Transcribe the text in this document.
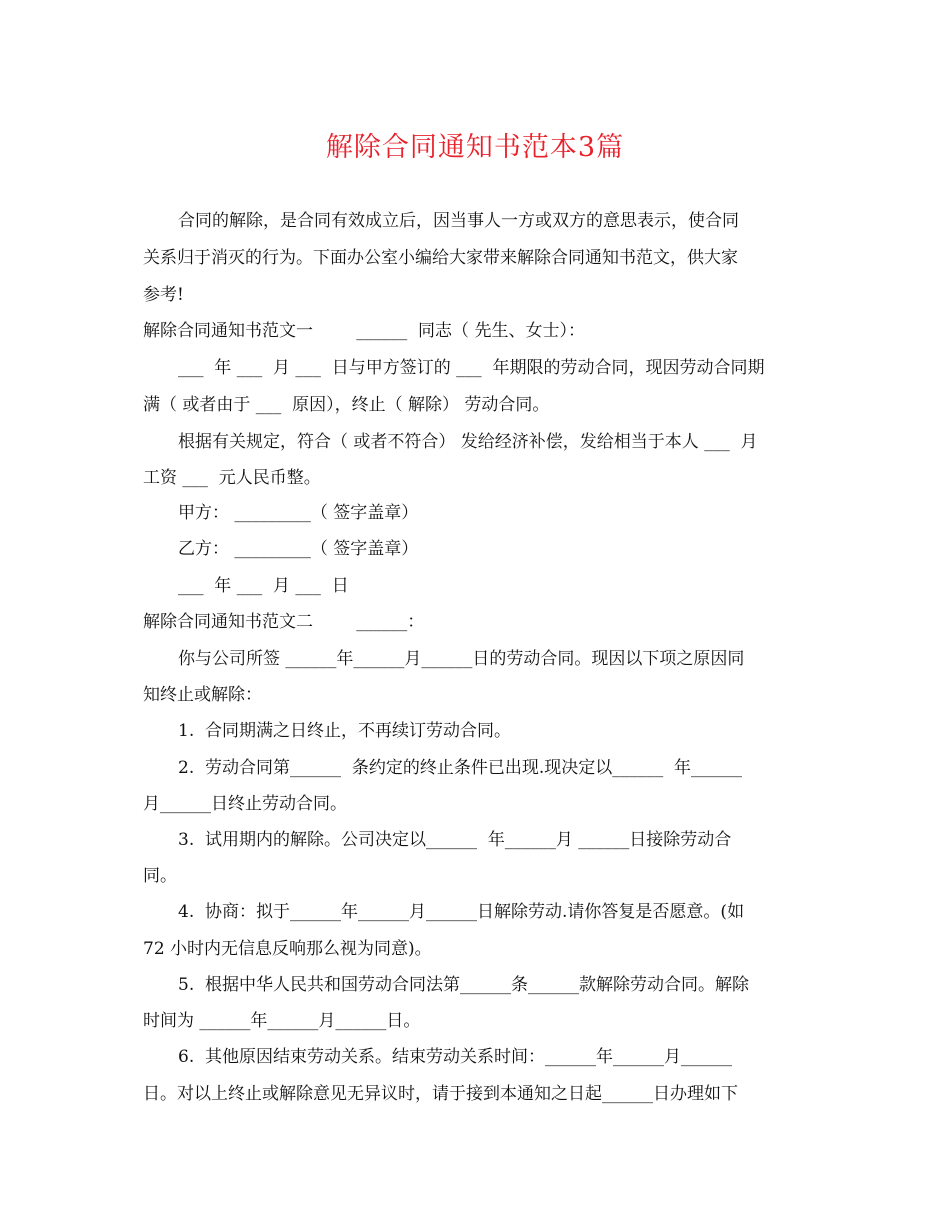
解除合同通知书范本3篇
合同的解除，是合同有效成立后，因当事人一方或双方的意思表示，使合同
关系归于消灭的行为。下面办公室小编给大家带来解除合同通知书范文，供大家
参考!
解除合同通知书范文一        ______  同志（ 先生、女士）：
___  年 ___  月 ___  日与甲方签订的 ___  年期限的劳动合同，现因劳动合同期
满（ 或者由于 ___  原因），终止（ 解除） 劳动合同。
根据有关规定，符合（ 或者不符合） 发给经济补偿，发给相当于本人 ___  月
工资 ___  元人民币整。
甲方： _________（ 签字盖章）
乙方： _________（ 签字盖章）
___  年 ___  月 ___  日
解除合同通知书范文二        ______：
你与公司所签 ______年______月______日的劳动合同。现因以下项之原因同
知终止或解除：
1.  合同期满之日终止，不再续订劳动合同。
2.  劳动合同第______  条约定的终止条件已出现.现决定以______  年______
月______日终止劳动合同。
3.  试用期内的解除。公司决定以______  年______月 ______日接除劳动合
同。
4.  协商：拟于______年______月______日解除劳动.请你答复是否愿意。(如
72 小时内无信息反响那么视为同意)。
5.  根据中华人民共和国劳动合同法第______条______款解除劳动合同。解除
时间为 ______年______月______日。
6.  其他原因结束劳动关系。结束劳动关系时间：______年______月______
日。对以上终止或解除意见无异议时，请于接到本通知之日起______日办理如下
